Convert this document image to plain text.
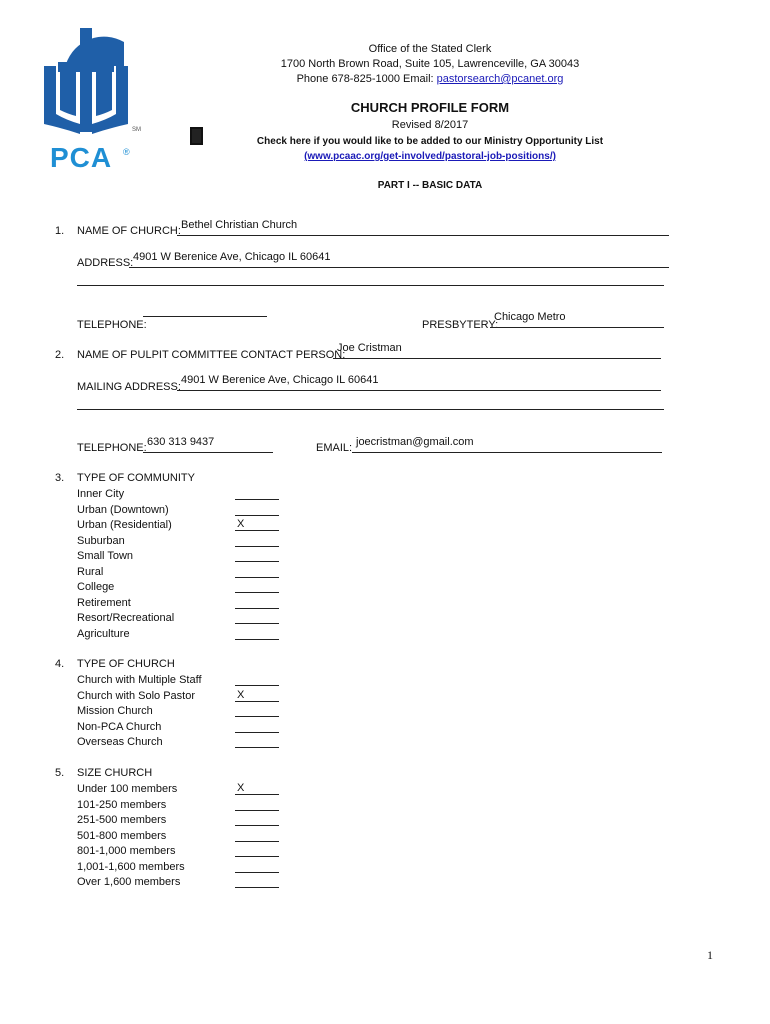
SM
PCA ®
Office of the Stated Clerk
1700 North Brown Road, Suite 105, Lawrenceville, GA 30043
Phone 678-825-1000 Email: pastorsearch@pcanet.org
CHURCH PROFILE FORM
Revised 8/2017
Check here if you would like to be added to our Ministry Opportunity List
(www.pcaac.org/get-involved/pastoral-job-positions/)
PART I -- BASIC DATA
1. NAME OF CHURCH: Bethel Christian Church
ADDRESS: 4901 W Berenice Ave, Chicago IL 60641
TELEPHONE:	PRESBYTERY:
Chicago Metro
2. NAME OF PULPIT COMMITTEE CONTACT PERSON:
Joe Cristman
MAILING ADDRESS:
4901 W Berenice Ave, Chicago IL 60641
TELEPHONE: 630 313 9437	EMAIL: joecristman@gmail.com
3. TYPE OF COMMUNITY
Inner City
Urban (Downtown)
Urban (Residential)	X
Suburban
Small Town
Rural
College
Retirement
Resort/Recreational
Agriculture
4. TYPE OF CHURCH
Church with Multiple Staff
Church with Solo Pastor	X
Mission Church
Non-PCA Church
Overseas Church
5. SIZE CHURCH
Under 100 members	X
101-250 members
251-500 members
501-800 members
801-1,000 members
1,001-1,600 members
Over 1,600 members
1
